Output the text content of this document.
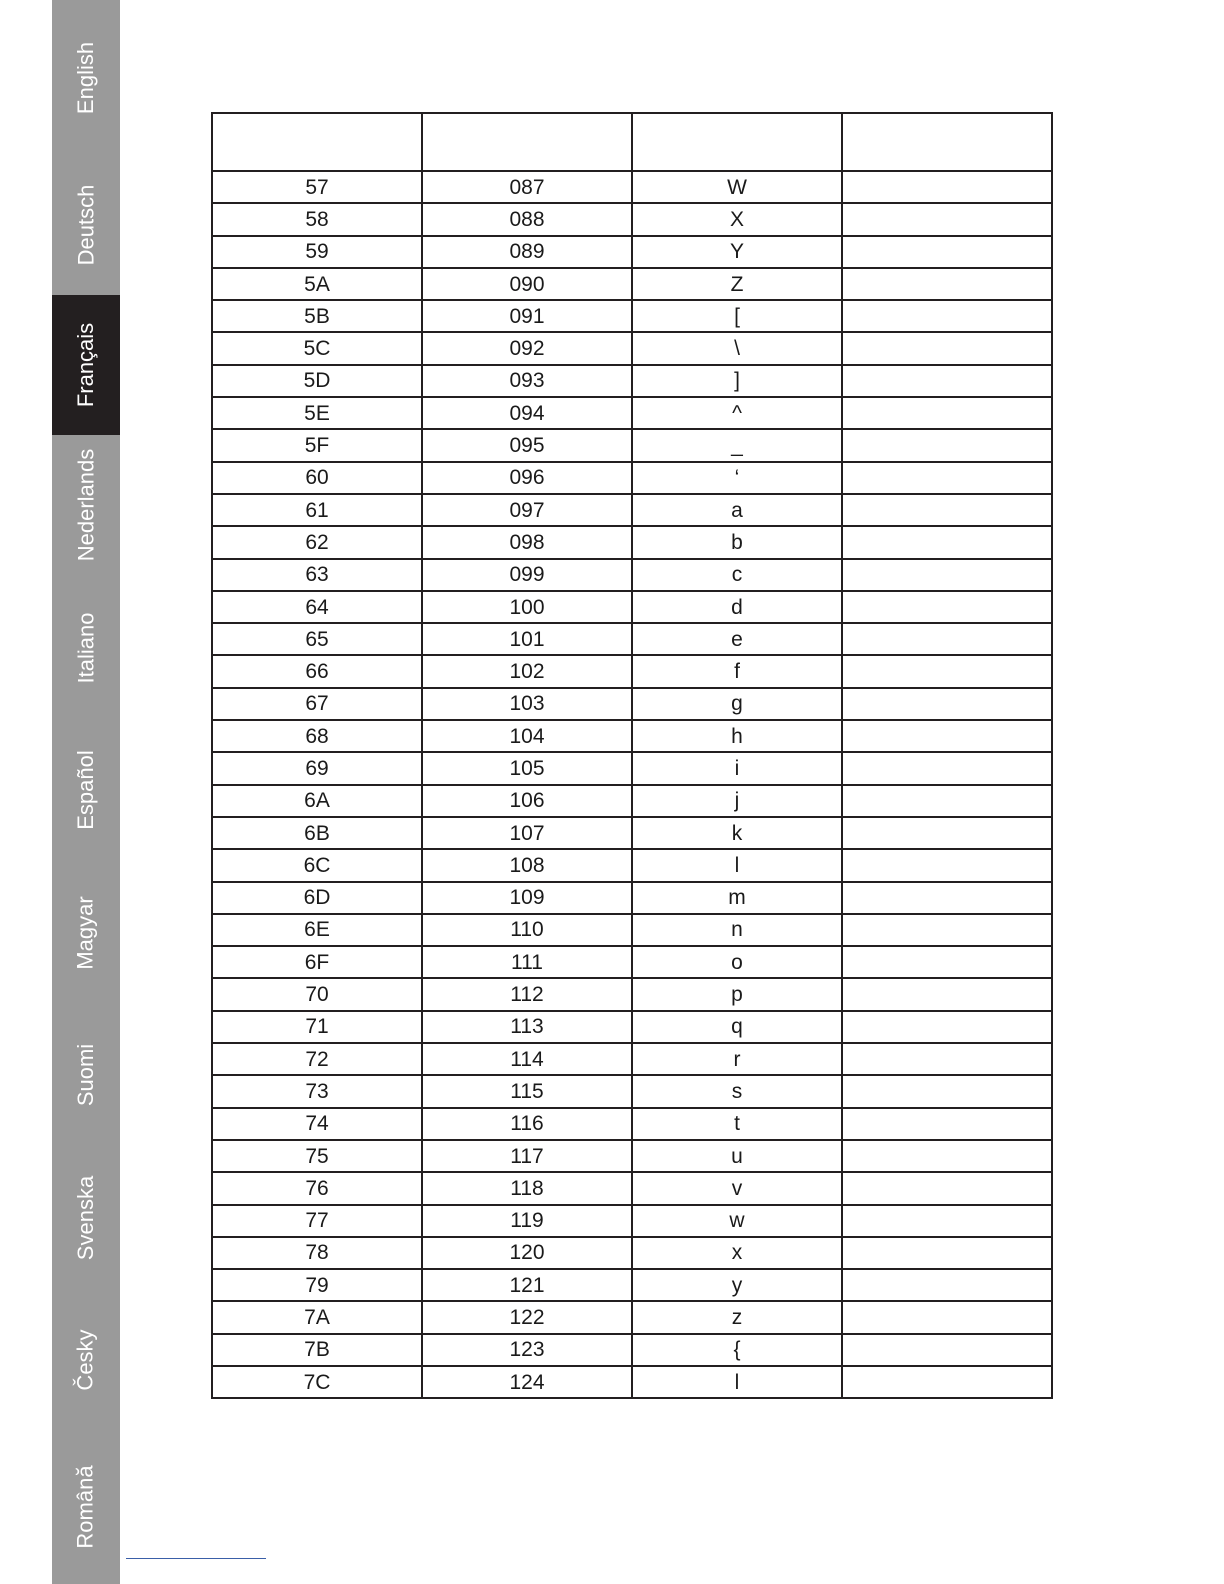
English
Deutsch
Français
Nederlands
Italiano
Español
Magyar
Suomi
Svenska
Česky
Română

57	087	W	
58	088	X	
59	089	Y	
5A	090	Z	
5B	091	[	
5C	092	\	
5D	093	]	
5E	094	^	
5F	095	_	
60	096	‘	
61	097	a	
62	098	b	
63	099	c	
64	100	d	
65	101	e	
66	102	f	
67	103	g	
68	104	h	
69	105	i	
6A	106	j	
6B	107	k	
6C	108	l	
6D	109	m	
6E	110	n	
6F	111	o	
70	112	p	
71	113	q	
72	114	r	
73	115	s	
74	116	t	
75	117	u	
76	118	v	
77	119	w	
78	120	x	
79	121	y	
7A	122	z	
7B	123	{	
7C	124	l	
